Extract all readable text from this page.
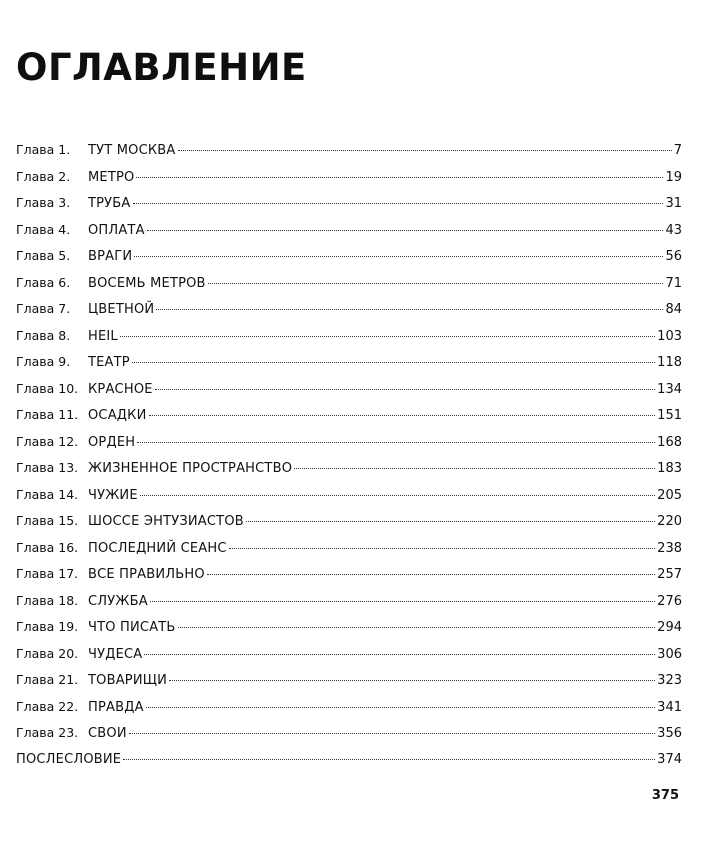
ОГЛАВЛЕНИЕ
Глава 1.	ТУТ МОСКВА	7
Глава 2.	МЕТРО	19
Глава 3.	ТРУБА	31
Глава 4.	ОПЛАТА	43
Глава 5.	ВРАГИ	56
Глава 6.	ВОСЕМЬ МЕТРОВ	71
Глава 7.	ЦВЕТНОЙ	84
Глава 8.	HEIL	103
Глава 9.	ТЕАТР	118
Глава 10. КРАСНОЕ	134
Глава 11. ОСАДКИ	151
Глава 12. ОРДЕН	168
Глава 13. ЖИЗНЕННОЕ ПРОСТРАНСТВО	183
Глава 14. ЧУЖИЕ	205
Глава 15. ШОССЕ ЭНТУЗИАСТОВ	220
Глава 16. ПОСЛЕДНИЙ СЕАНС	238
Глава 17. ВСЕ ПРАВИЛЬНО	257
Глава 18. СЛУЖБА	276
Глава 19. ЧТО ПИСАТЬ	294
Глава 20. ЧУДЕСА	306
Глава 21. ТОВАРИЩИ	323
Глава 22. ПРАВДА	341
Глава 23. СВОИ	356
ПОСЛЕСЛОВИЕ	374
375
